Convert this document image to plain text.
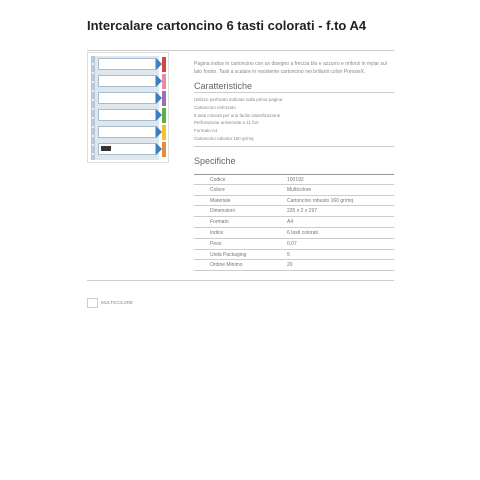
Intercalare cartoncino 6 tasti colorati - f.to A4
Pagina indice in cartoncino con un disegno a freccia blu e azzurro e rinforzi in mylar sul lato forato. Tasti a scalare in resistente cartoncino nei brillanti colori PressteX.
Caratteristiche
Utilizzo perforato indicato sulla prima pagina
Cartoncino rinforzato
6 tasti colorati per una facile classificazione
Perforazione universale a 11 fori
Formato A4
Cartoncino robusto 160 gr/mq
Specifiche
Codice	100192
Colore	Multicolore
Materiale	Cartoncino robusto 160 gr/mq
Dimensioni	225 x 2 x 297
Formato	A4
Indice	6 tasti colorati
Peso	0,07
Unità Packaging	5
Ordine Minimo	20
MULTICOLORE
